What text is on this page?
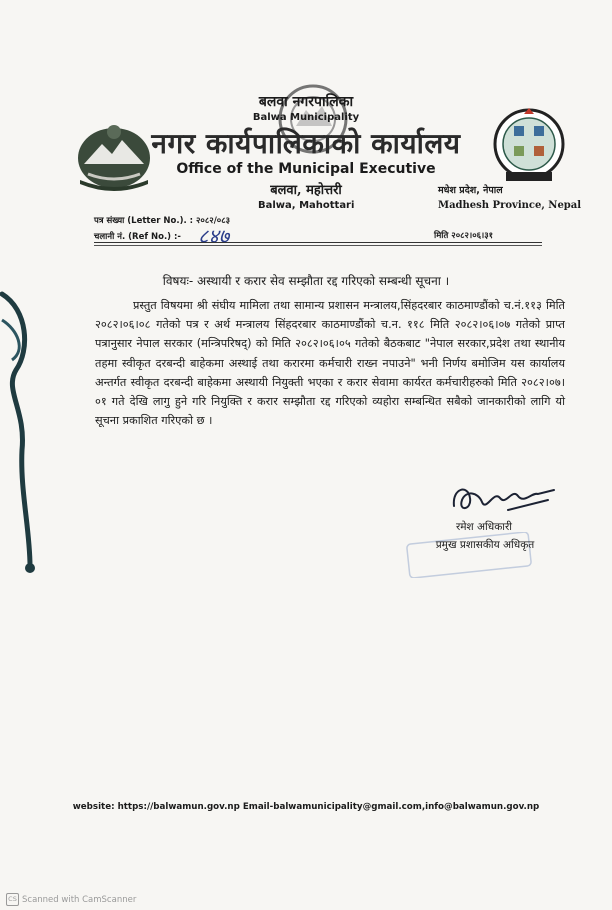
बलवा नगरपालिका
Balwa Municipality
नगर कार्यपालिकाको कार्यालय
Office of the Municipal Executive
बलवा, महोत्तरी
Balwa, Mahottari
मधेश प्रदेश, नेपाल
Madhesh Province, Nepal
पत्र संख्या (Letter No.). : २०८२/०८३
चलानी नं. (Ref No.) :- ८४७	मिति २०८२।०६।३१
विषयः- अस्थायी र करार सेव सम्झौता रद्द गरिएको सम्बन्धी सूचना ।
प्रस्तुत विषयमा श्री संघीय मामिला तथा सामान्य प्रशासन मन्त्रालय,सिंहदरबार काठमाण्डौंको च.नं.११३ मिति २०८२।०६।०८ गतेको पत्र र अर्थ मन्त्रालय सिंहदरबार काठमाण्डौंको च.न. ११८ मिति २०८२।०६।०७ गतेको प्राप्त पत्रानुसार नेपाल सरकार (मन्त्रिपरिषद्) को मिति २०८२।०६।०५ गतेको बैठकबाट "नेपाल सरकार,प्रदेश तथा स्थानीय तहमा स्वीकृत दरबन्दी बाहेकमा अस्थाई तथा करारमा कर्मचारी राख्न नपाउने" भनी निर्णय बमोजिम यस कार्यालय अन्तर्गत स्वीकृत दरबन्दी बाहेकमा अस्थायी नियुक्ती भएका र करार सेवामा कार्यरत कर्मचारीहरुको मिति २०८२।०७।०१ गते देखि लागु हुने गरि नियुक्ति र करार सम्झौता रद्द गरिएको व्यहोरा सम्बन्धित सबैको जानकारीको लागि यो सूचना प्रकाशित गरिएको छ ।
रमेश अधिकारी
प्रमुख प्रशासकीय अधिकृत
website: https://balwamun.gov.np Email-balwamunicipality@gmail.com,info@balwamun.gov.np
CS Scanned with CamScanner
